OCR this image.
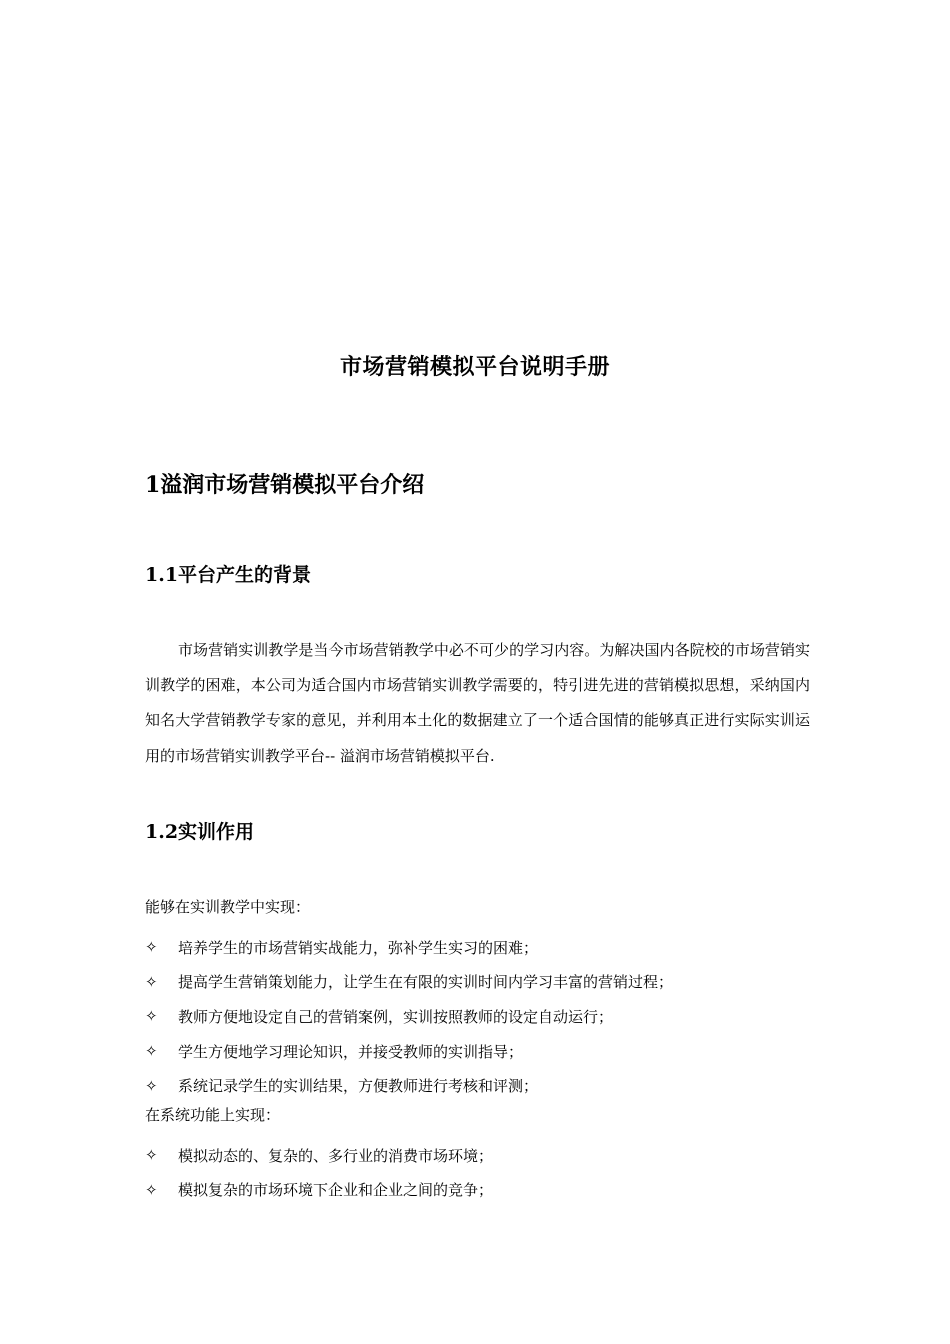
市场营销模拟平台说明手册
1溢润市场营销模拟平台介绍
1.1平台产生的背景

市场营销实训教学是当今市场营销教学中必不可少的学习内容。为解决国内各院校的市场营销实训教学的困难，本公司为适合国内市场营销实训教学需要的，特引进先进的营销模拟思想，采纳国内知名大学营销教学专家的意见，并利用本土化的数据建立了一个适合国情的能够真正进行实际实训运用的市场营销实训教学平台-- 溢润市场营销模拟平台.

1.2实训作用

能够在实训教学中实现：

✧	培养学生的市场营销实战能力，弥补学生实习的困难；
✧	提高学生营销策划能力，让学生在有限的实训时间内学习丰富的营销过程；
✧	教师方便地设定自己的营销案例，实训按照教师的设定自动运行；
✧	学生方便地学习理论知识，并接受教师的实训指导；
✧	系统记录学生的实训结果，方便教师进行考核和评测；

在系统功能上实现：

✧	模拟动态的、复杂的、多行业的消费市场环境；
✧	模拟复杂的市场环境下企业和企业之间的竞争；
